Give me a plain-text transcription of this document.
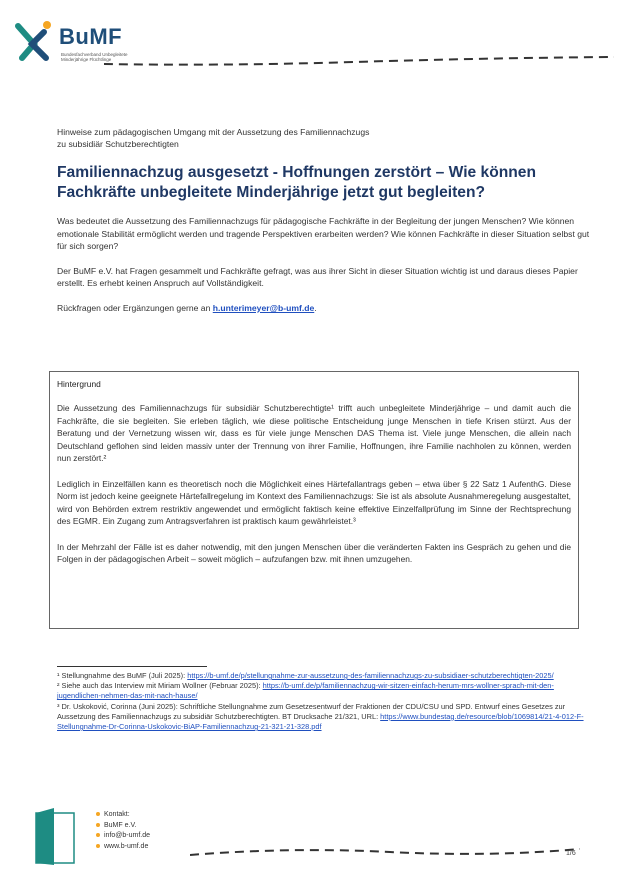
BuMF
Bundesfachverband Unbegleitete Minderjährige Flüchtlinge

Hinweise zum pädagogischen Umgang mit der Aussetzung des Familiennachzugs
zu subsidiär Schutzberechtigten

Familiennachzug ausgesetzt - Hoffnungen zerstört – Wie können Fachkräfte unbegleitete Minderjährige jetzt gut begleiten?

Was bedeutet die Aussetzung des Familiennachzugs für pädagogische Fachkräfte in der Begleitung der jungen Menschen? Wie können emotionale Stabilität ermöglicht werden und tragende Perspektiven erarbeiten werden? Wie können Fachkräfte in dieser Situation selbst gut für sich sorgen?

Der BuMF e.V. hat Fragen gesammelt und Fachkräfte gefragt, was aus ihrer Sicht in dieser Situation wichtig ist und daraus dieses Papier erstellt. Es erhebt keinen Anspruch auf Vollständigkeit.

Rückfragen oder Ergänzungen gerne an h.unterimeyer@b-umf.de.

Hintergrund

Die Aussetzung des Familiennachzugs für subsidiär Schutzberechtigte¹ trifft auch unbegleitete Minderjährige – und damit auch die Fachkräfte, die sie begleiten. Sie erleben täglich, wie diese politische Entscheidung junge Menschen in tiefe Krisen stürzt. Aus der Beratung und der Vernetzung wissen wir, dass es für viele junge Menschen DAS Thema ist. Viele junge Menschen, die allein nach Deutschland geflohen sind leiden massiv unter der Trennung von ihrer Familie, Hoffnungen, ihre Familie nachholen zu können, werden nun zerstört.²

Lediglich in Einzelfällen kann es theoretisch noch die Möglichkeit eines Härtefallantrags geben – etwa über § 22 Satz 1 AufenthG. Diese Norm ist jedoch keine geeignete Härtefallregelung im Kontext des Familiennachzugs: Sie ist als absolute Ausnahmeregelung ausgestaltet, wird von Behörden extrem restriktiv angewendet und ermöglicht faktisch keine effektive Einzelfallprüfung im Sinne der Rechtsprechung des EGMR. Ein Zugang zum Antragsverfahren ist praktisch kaum gewährleistet.³

In der Mehrzahl der Fälle ist es daher notwendig, mit den jungen Menschen über die veränderten Fakten ins Gespräch zu gehen und die Folgen in der pädagogischen Arbeit – soweit möglich – aufzufangen bzw. mit ihnen umzugehen.

¹ Stellungnahme des BuMF (Juli 2025): https://b-umf.de/p/stellungnahme-zur-aussetzung-des-familiennachzugs-zu-subsidiaer-schutzberechtigten-2025/
² Siehe auch das Interview mit Miriam Wollner (Februar 2025): https://b-umf.de/p/familiennachzug-wir-sitzen-einfach-herum-mrs-wollner-sprach-mit-den-jugendlichen-nehmen-das-mit-nach-hause/
³ Dr. Uskoković, Corinna (Juni 2025): Schriftliche Stellungnahme zum Gesetzesentwurf der Fraktionen der CDU/CSU und SPD. Entwurf eines Gesetzes zur Aussetzung des Familiennachzugs zu subsidiär Schutzberechtigten. BT Drucksache 21/321, URL: https://www.bundestag.de/resource/blob/1069814/21-4-012-F-Stellungnahme-Dr-Corinna-Uskokovic-BiAP-Familiennachzug-21-321-21-328.pdf
Kontakt:
BuMF e.V.
info@b-umf.de
www.b-umf.de
1/6
